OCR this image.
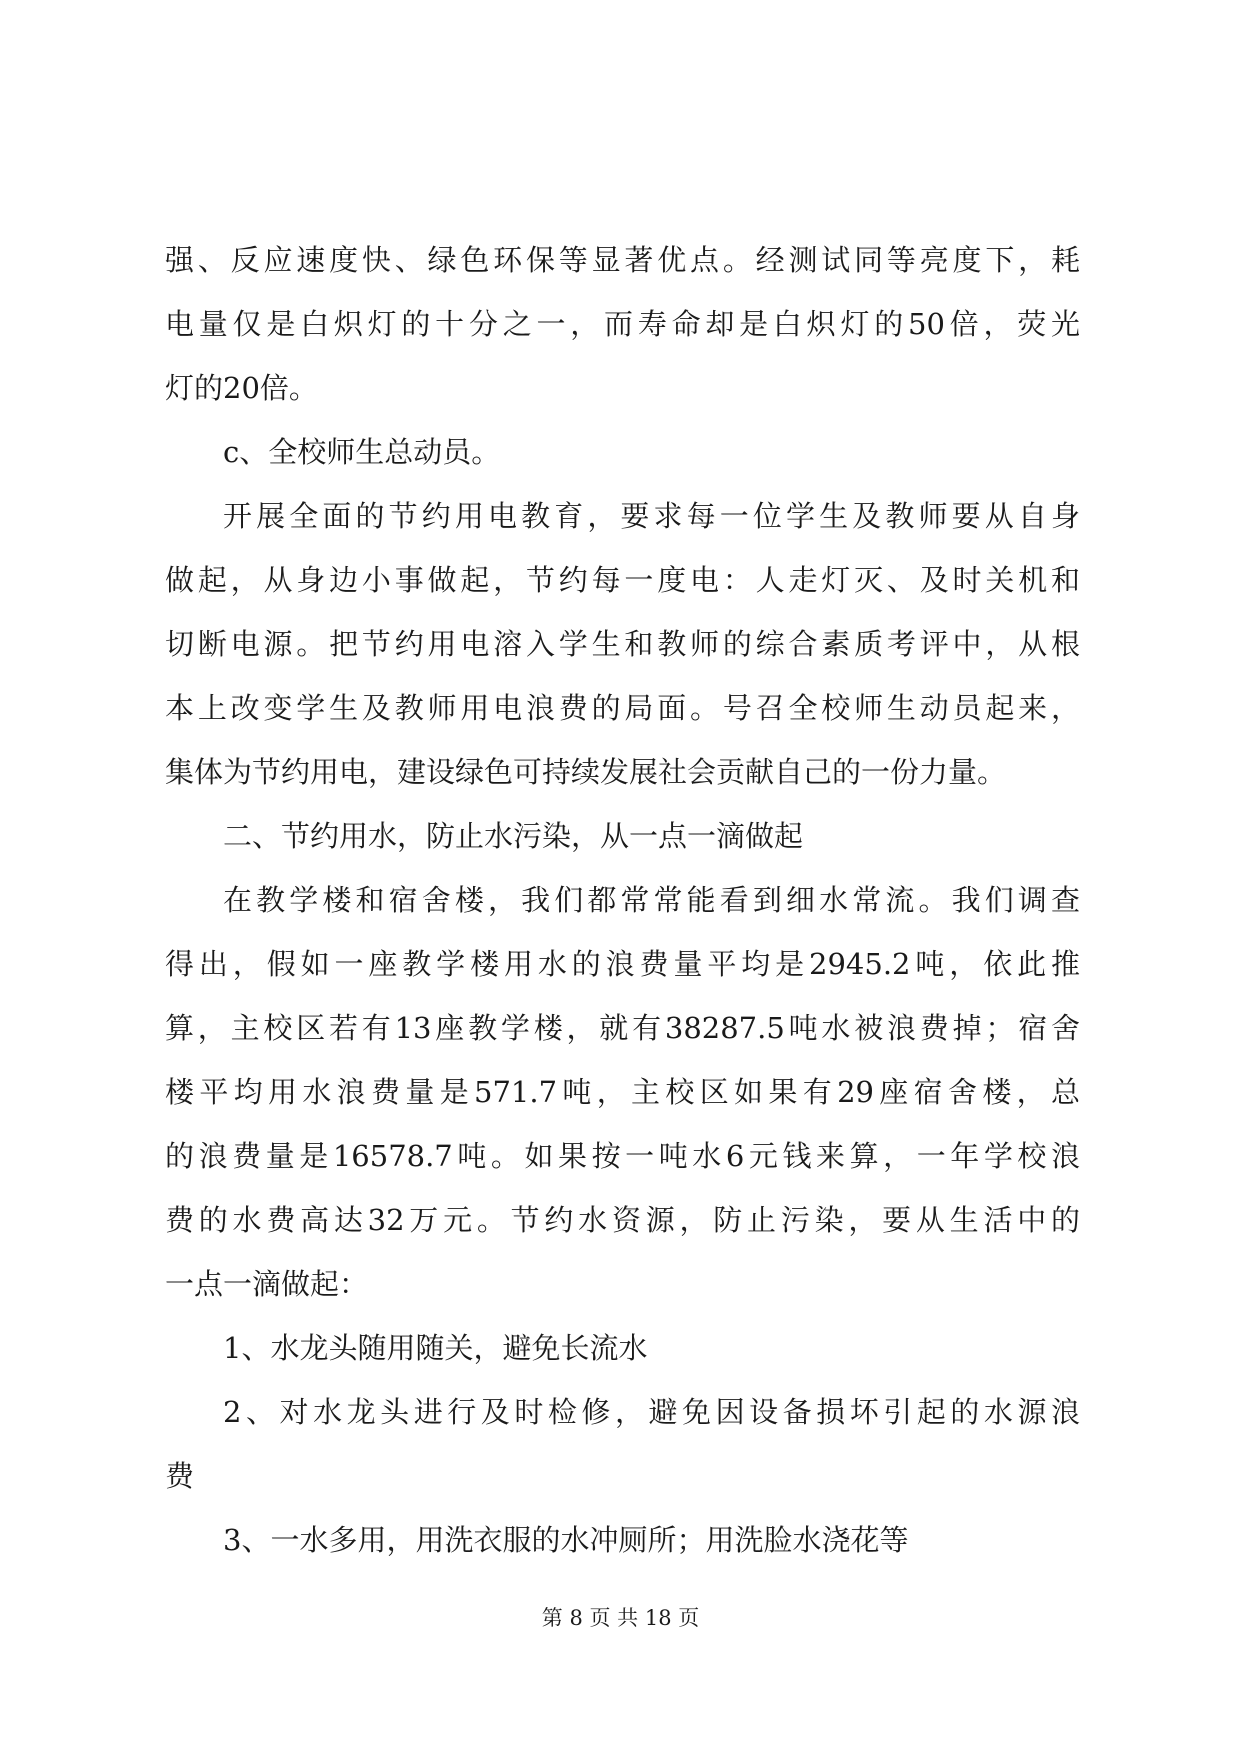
强、反应速度快、绿色环保等显著优点。经测试同等亮度下，耗
电量仅是白炽灯的十分之一，而寿命却是白炽灯的50倍，荧光
灯的20倍。
c、全校师生总动员。
开展全面的节约用电教育，要求每一位学生及教师要从自身
做起，从身边小事做起，节约每一度电：人走灯灭、及时关机和
切断电源。把节约用电溶入学生和教师的综合素质考评中，从根
本上改变学生及教师用电浪费的局面。号召全校师生动员起来，
集体为节约用电，建设绿色可持续发展社会贡献自己的一份力量。
二、节约用水，防止水污染，从一点一滴做起
在教学楼和宿舍楼，我们都常常能看到细水常流。我们调查
得出，假如一座教学楼用水的浪费量平均是2945.2吨，依此推
算，主校区若有13座教学楼，就有38287.5吨水被浪费掉；宿舍
楼平均用水浪费量是571.7吨，主校区如果有29座宿舍楼，总
的浪费量是16578.7吨。如果按一吨水6元钱来算，一年学校浪
费的水费高达32万元。节约水资源，防止污染，要从生活中的
一点一滴做起：
1、水龙头随用随关，避免长流水
2、对水龙头进行及时检修，避免因设备损坏引起的水源浪
费
3、一水多用，用洗衣服的水冲厕所；用洗脸水浇花等
第 8 页 共 18 页
